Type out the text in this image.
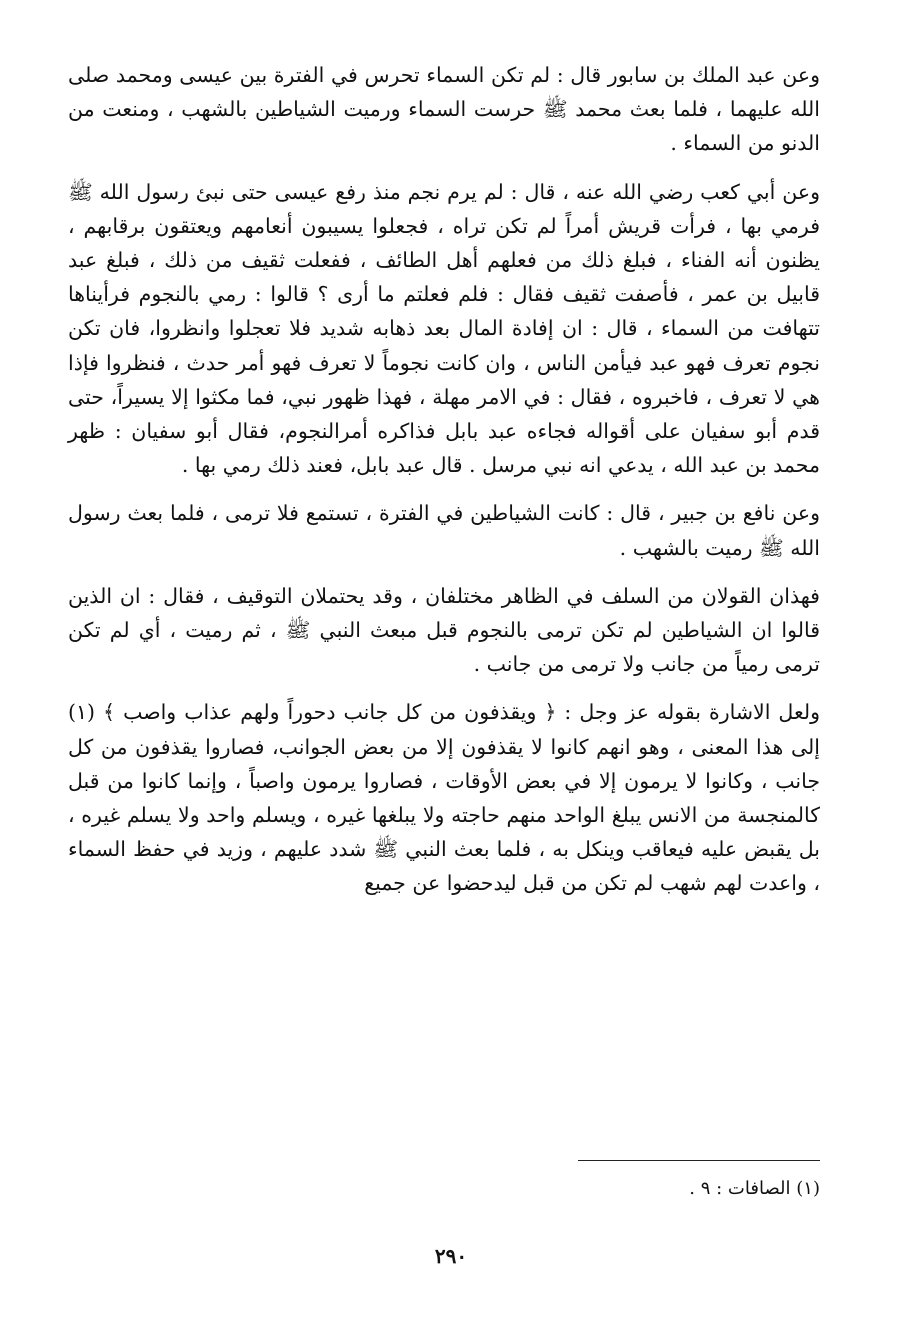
وعن عبد الملك بن سابور قال : لم تكن السماء تحرس في الفترة بين عيسى ومحمد صلى الله عليهما ، فلما بعث محمد ﷺ حرست السماء ورميت الشياطين بالشهب ، ومنعت من الدنو من السماء .

وعن أبي كعب رضي الله عنه ، قال : لم يرم نجم منذ رفع عيسى حتى نبئ رسول الله ﷺ فرمي بها ، فرأت قريش أمراً لم تكن تراه ، فجعلوا يسيبون أنعامهم ويعتقون برقابهم ، يظنون أنه الفناء ، فبلغ ذلك من فعلهم أهل الطائف ، ففعلت ثقيف من ذلك ، فبلغ عبد قابيل بن عمر ، فأصفت ثقيف فقال : فلم فعلتم ما أرى ؟ قالوا : رمي بالنجوم فرأيناها تتهافت من السماء ، قال : ان إفادة المال بعد ذهابه شديد فلا تعجلوا وانظروا، فان تكن نجوم تعرف فهو عبد فيأمن الناس ، وان كانت نجوماً لا تعرف فهو أمر حدث ، فنظروا فإذا هي لا تعرف ، فاخبروه ، فقال : في الامر مهلة ، فهذا ظهور نبي، فما مكثوا إلا يسيراً، حتى قدم أبو سفيان على أقواله فجاءه عبد بابل فذاكره أمرالنجوم، فقال أبو سفيان : ظهر محمد بن عبد الله ، يدعي انه نبي مرسل . قال عبد بابل، فعند ذلك رمي بها .

وعن نافع بن جبير ، قال : كانت الشياطين في الفترة ، تستمع فلا ترمى ، فلما بعث رسول الله ﷺ رميت بالشهب .

فهذان القولان من السلف في الظاهر مختلفان ، وقد يحتملان التوقيف ، فقال : ان الذين قالوا ان الشياطين لم تكن ترمى بالنجوم قبل مبعث النبي ﷺ ، ثم رميت ، أي لم تكن ترمى رمياً من جانب ولا ترمى من جانب .

ولعل الاشارة بقوله عز وجل : ﴿ ويقذفون من كل جانب دحوراً ولهم عذاب واصب ﴾ (١) إلى هذا المعنى ، وهو انهم كانوا لا يقذفون إلا من بعض الجوانب، فصاروا يقذفون من كل جانب ، وكانوا لا يرمون إلا في بعض الأوقات ، فصاروا يرمون واصباً ، وإنما كانوا من قبل كالمنجسة من الانس يبلغ الواحد منهم حاجته ولا يبلغها غيره ، ويسلم واحد ولا يسلم غيره ، بل يقبض عليه فيعاقب وينكل به ، فلما بعث النبي ﷺ شدد عليهم ، وزيد في حفظ السماء ، واعدت لهم شهب لم تكن من قبل ليدحضوا عن جميع

(١) الصافات : ٩ .
٢٩٠
